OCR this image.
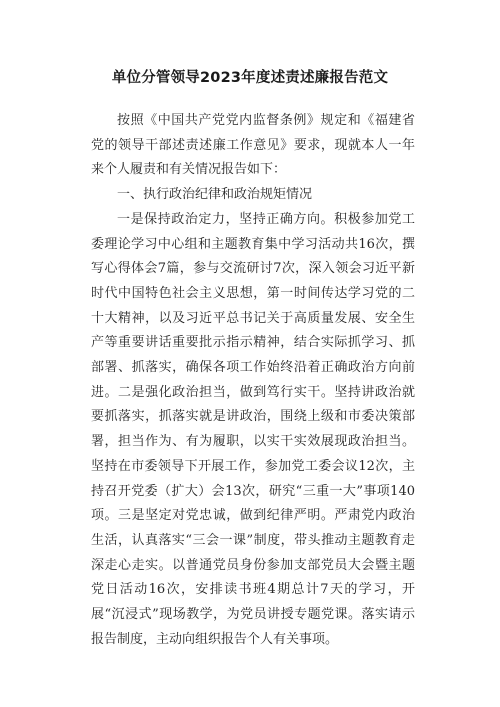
单位分管领导2023年度述责述廉报告范文

按照《中国共产党党内监督条例》规定和《福建省党的领导干部述责述廉工作意见》要求，现就本人一年来个人履责和有关情况报告如下：

一、执行政治纪律和政治规矩情况

一是保持政治定力，坚持正确方向。积极参加党工委理论学习中心组和主题教育集中学习活动共16次，撰写心得体会7篇，参与交流研讨7次，深入领会习近平新时代中国特色社会主义思想，第一时间传达学习党的二十大精神，以及习近平总书记关于高质量发展、安全生产等重要讲话重要批示指示精神，结合实际抓学习、抓部署、抓落实，确保各项工作始终沿着正确政治方向前进。二是强化政治担当，做到笃行实干。坚持讲政治就要抓落实，抓落实就是讲政治，围绕上级和市委决策部署，担当作为、有为履职，以实干实效展现政治担当。坚持在市委领导下开展工作，参加党工委会议12次，主持召开党委（扩大）会13次，研究“三重一大”事项140项。三是坚定对党忠诚，做到纪律严明。严肃党内政治生活，认真落实“三会一课”制度，带头推动主题教育走深走心走实。以普通党员身份参加支部党员大会暨主题党日活动16次，安排读书班4期总计7天的学习，开展“沉浸式”现场教学，为党员讲授专题党课。落实请示报告制度，主动向组织报告个人有关事项。
